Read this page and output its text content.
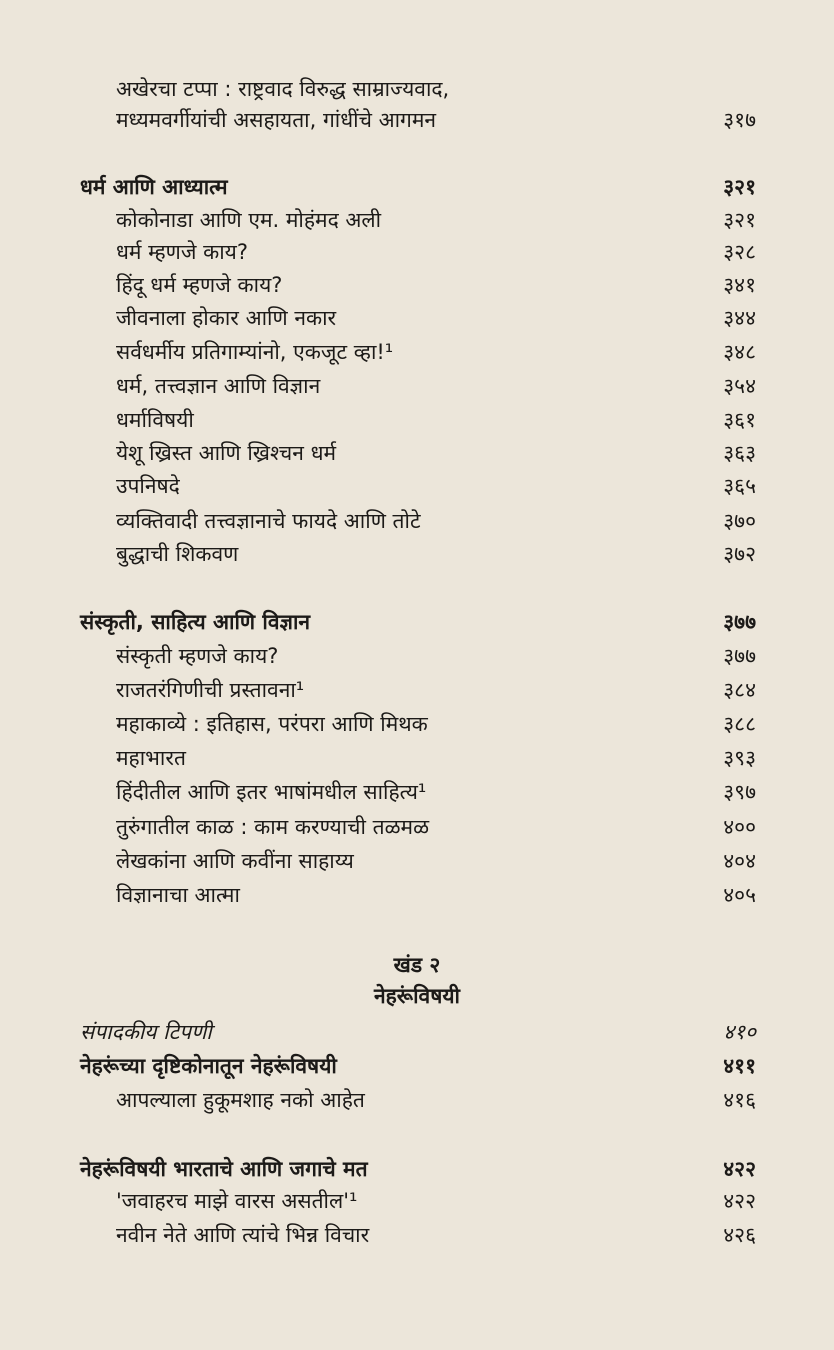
अखेरचा टप्पा : राष्ट्रवाद विरुद्ध साम्राज्यवाद,
मध्यमवर्गीयांची असहायता, गांधींचे आगमन	३१७
धर्म आणि आध्यात्म	३२१
कोकोनाडा आणि एम. मोहंमद अली	३२१
धर्म म्हणजे काय?	३२८
हिंदू धर्म म्हणजे काय?	३४१
जीवनाला होकार आणि नकार	३४४
सर्वधर्मीय प्रतिगाम्यांनो, एकजूट व्हा!¹	३४८
धर्म, तत्त्वज्ञान आणि विज्ञान	३५४
धर्माविषयी	३६१
येशू ख्रिस्त आणि ख्रिश्चन धर्म	३६३
उपनिषदे	३६५
व्यक्तिवादी तत्त्वज्ञानाचे फायदे आणि तोटे	३७०
बुद्धाची शिकवण	३७२
संस्कृती, साहित्य आणि विज्ञान	३७७
संस्कृती म्हणजे काय?	३७७
राजतरंगिणीची प्रस्तावना¹	३८४
महाकाव्ये : इतिहास, परंपरा आणि मिथक	३८८
महाभारत	३९३
हिंदीतील आणि इतर भाषांमधील साहित्य¹	३९७
तुरुंगातील काळ : काम करण्याची तळमळ	४००
लेखकांना आणि कवींना साहाय्य	४०४
विज्ञानाचा आत्मा	४०५
खंड २
नेहरूंविषयी
संपादकीय टिपणी	४१०
नेहरूंच्या दृष्टिकोनातून नेहरूंविषयी	४११
आपल्याला हुकूमशाह नको आहेत	४१६
नेहरूंविषयी भारताचे आणि जगाचे मत	४२२
'जवाहरच माझे वारस असतील'¹	४२२
नवीन नेते आणि त्यांचे भिन्न विचार	४२६
